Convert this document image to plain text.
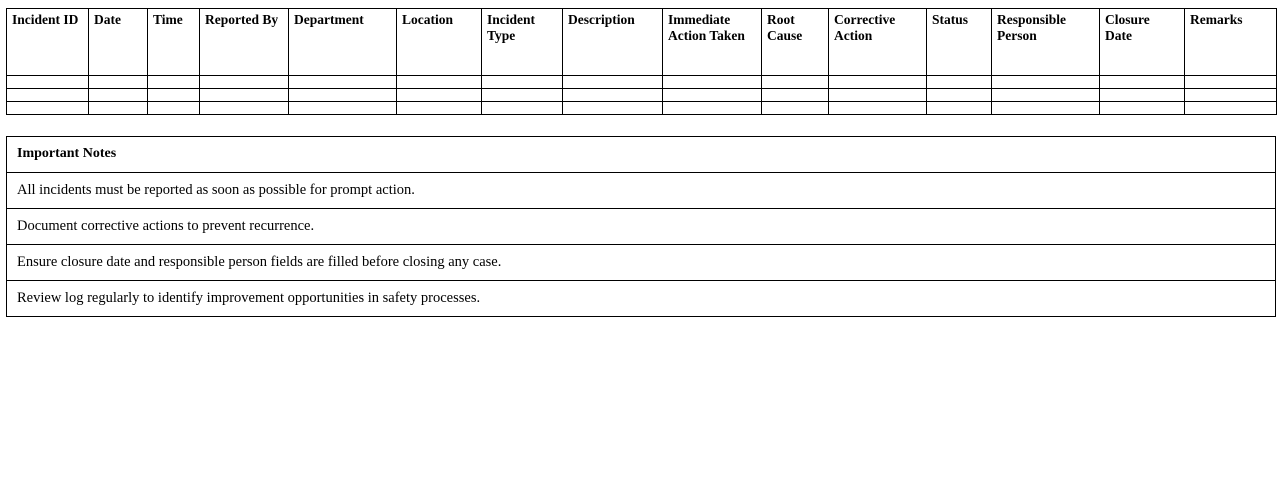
Incident ID	Date	Time	Reported By	Department	Location	Incident Type	Description	Immediate Action Taken	Root Cause	Corrective Action	Status	Responsible Person	Closure Date	Remarks

Important Notes
All incidents must be reported as soon as possible for prompt action.
Document corrective actions to prevent recurrence.
Ensure closure date and responsible person fields are filled before closing any case.
Review log regularly to identify improvement opportunities in safety processes.
